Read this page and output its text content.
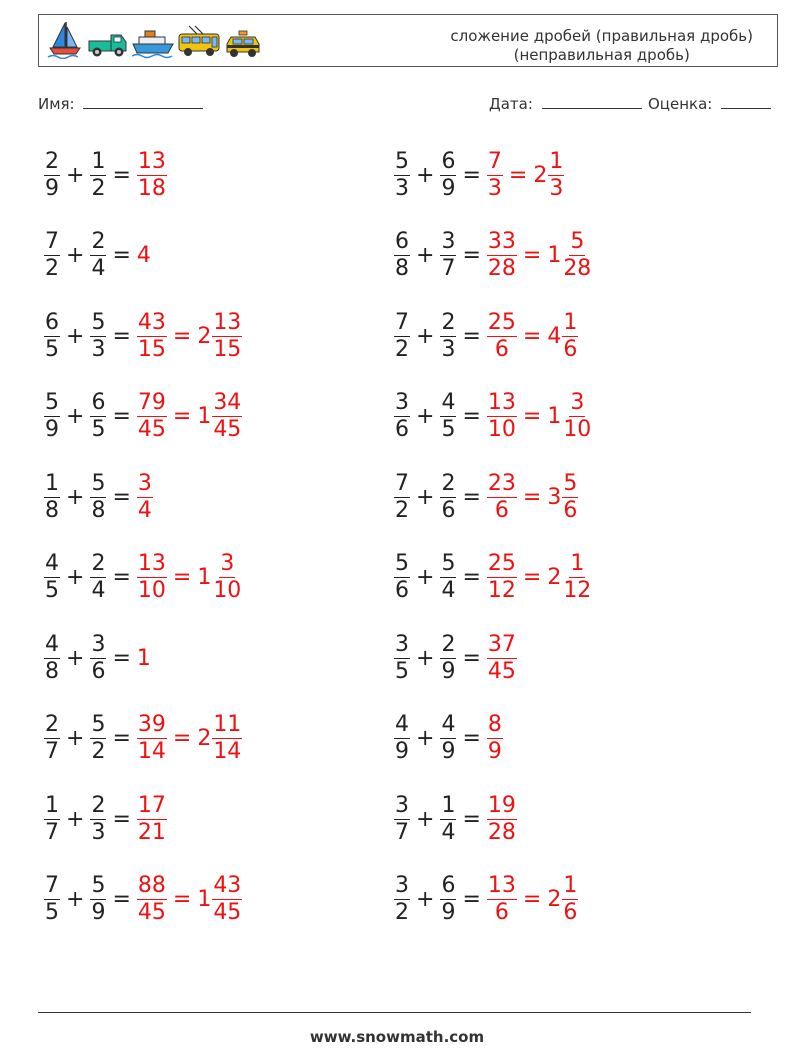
сложение дробей (правильная дробь)
(неправильная дробь)
Имя:	Дата:	Оценка:
$\frac{2}{9} + \frac{1}{2} = \frac{13}{18}$	$\frac{5}{3} + \frac{6}{9} = \frac{7}{3} = 2 \frac{1}{3}$
$\frac{7}{2} + \frac{2}{4} = 4$	$\frac{6}{8} + \frac{3}{7} = \frac{33}{28} = 1 \frac{5}{28}$
$\frac{6}{5} + \frac{5}{3} = \frac{43}{15} = 2 \frac{13}{15}$	$\frac{7}{2} + \frac{2}{3} = \frac{25}{6} = 4 \frac{1}{6}$
$\frac{5}{9} + \frac{6}{5} = \frac{79}{45} = 1 \frac{34}{45}$	$\frac{3}{6} + \frac{4}{5} = \frac{13}{10} = 1 \frac{3}{10}$
$\frac{1}{8} + \frac{5}{8} = \frac{3}{4}$	$\frac{7}{2} + \frac{2}{6} = \frac{23}{6} = 3 \frac{5}{6}$
$\frac{4}{5} + \frac{2}{4} = \frac{13}{10} = 1 \frac{3}{10}$	$\frac{5}{6} + \frac{5}{4} = \frac{25}{12} = 2 \frac{1}{12}$
$\frac{4}{8} + \frac{3}{6} = 1$	$\frac{3}{5} + \frac{2}{9} = \frac{37}{45}$
$\frac{2}{7} + \frac{5}{2} = \frac{39}{14} = 2 \frac{11}{14}$	$\frac{4}{9} + \frac{4}{9} = \frac{8}{9}$
$\frac{1}{7} + \frac{2}{3} = \frac{17}{21}$	$\frac{3}{7} + \frac{1}{4} = \frac{19}{28}$
$\frac{7}{5} + \frac{5}{9} = \frac{88}{45} = 1 \frac{43}{45}$	$\frac{3}{2} + \frac{6}{9} = \frac{13}{6} = 2 \frac{1}{6}$
www.snowmath.com
